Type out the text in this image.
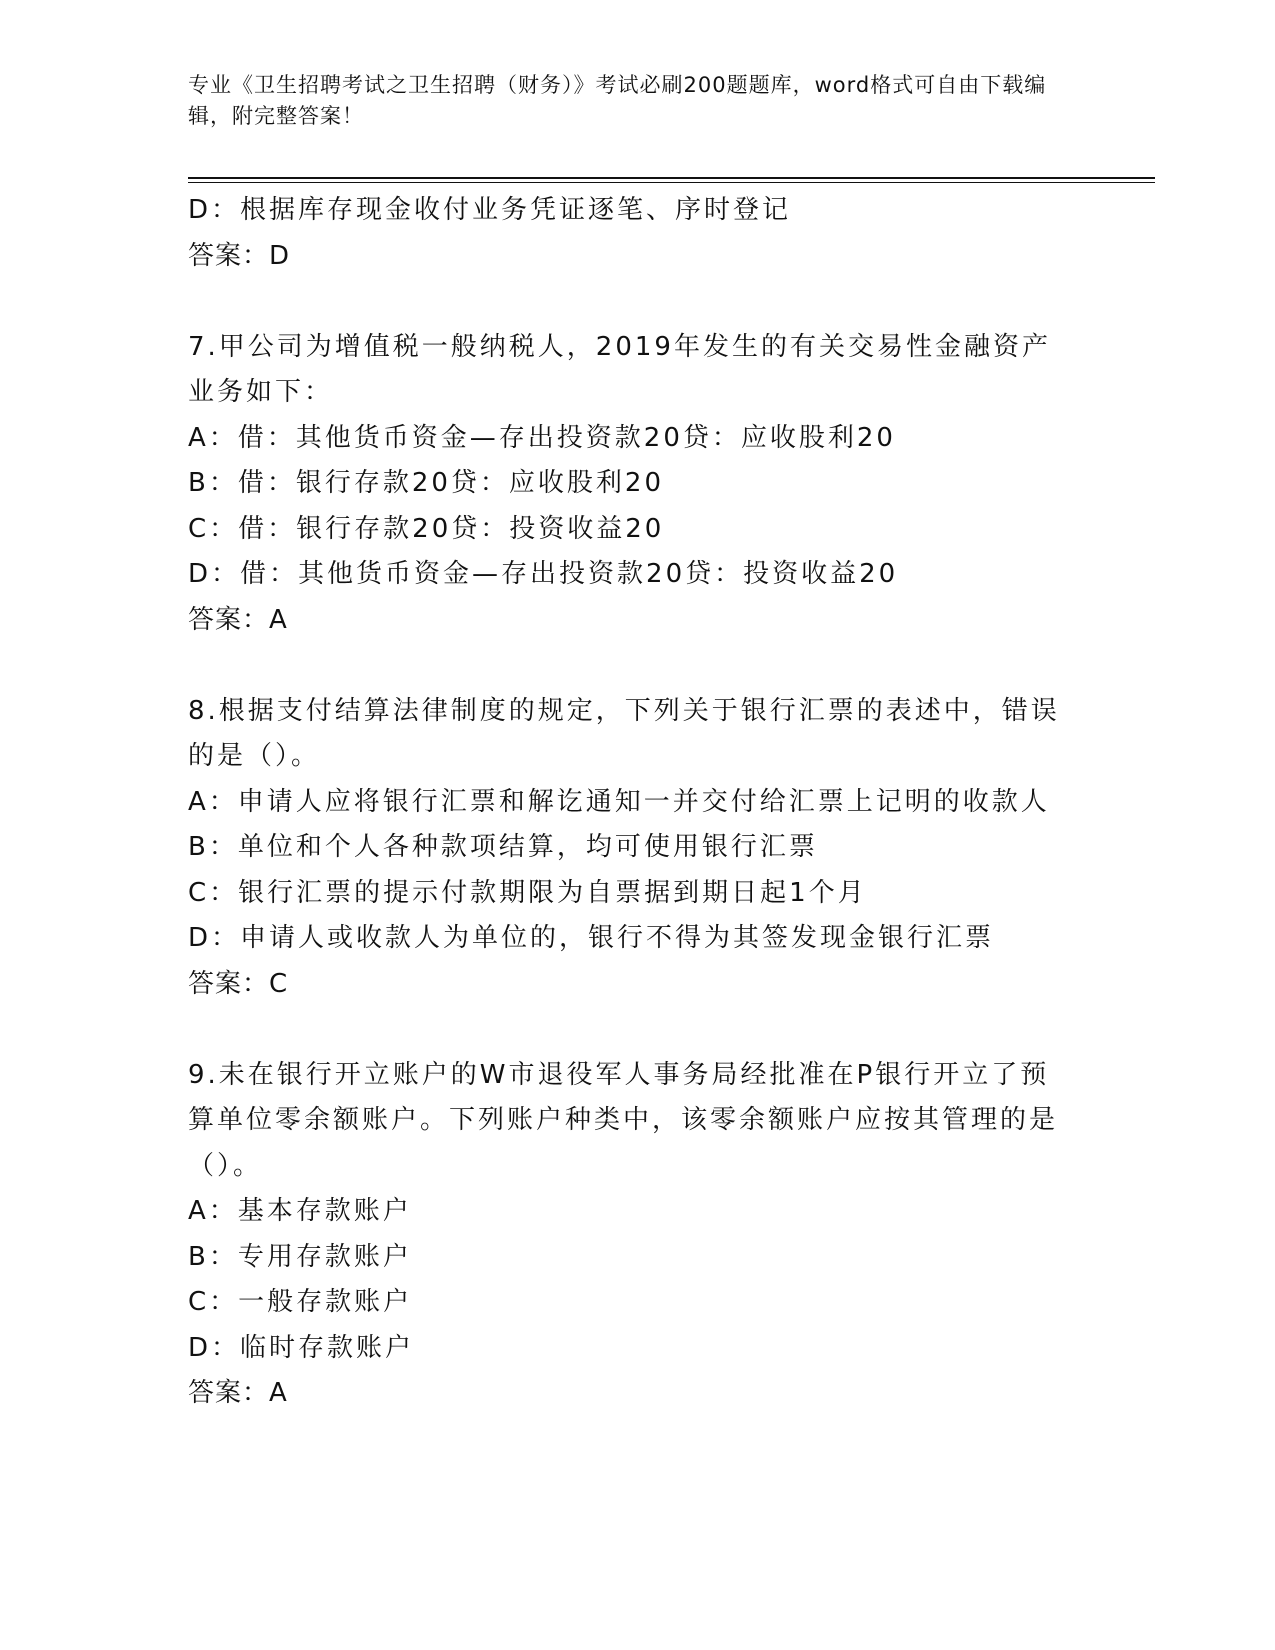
专业《卫生招聘考试之卫生招聘（财务）》考试必刷200题题库，word格式可自由下载编辑，附完整答案！
D：根据库存现金收付业务凭证逐笔、序时登记
答案：D
7.甲公司为增值税一般纳税人，2019年发生的有关交易性金融资产业务如下：
A：借：其他货币资金—存出投资款20贷：应收股利20
B：借：银行存款20贷：应收股利20
C：借：银行存款20贷：投资收益20
D：借：其他货币资金—存出投资款20贷：投资收益20
答案：A
8.根据支付结算法律制度的规定，下列关于银行汇票的表述中，错误的是（）。
A：申请人应将银行汇票和解讫通知一并交付给汇票上记明的收款人
B：单位和个人各种款项结算，均可使用银行汇票
C：银行汇票的提示付款期限为自票据到期日起1个月
D：申请人或收款人为单位的，银行不得为其签发现金银行汇票
答案：C
9.未在银行开立账户的W市退役军人事务局经批准在P银行开立了预算单位零余额账户。下列账户种类中，该零余额账户应按其管理的是（）。
A：基本存款账户
B：专用存款账户
C：一般存款账户
D：临时存款账户
答案：A
